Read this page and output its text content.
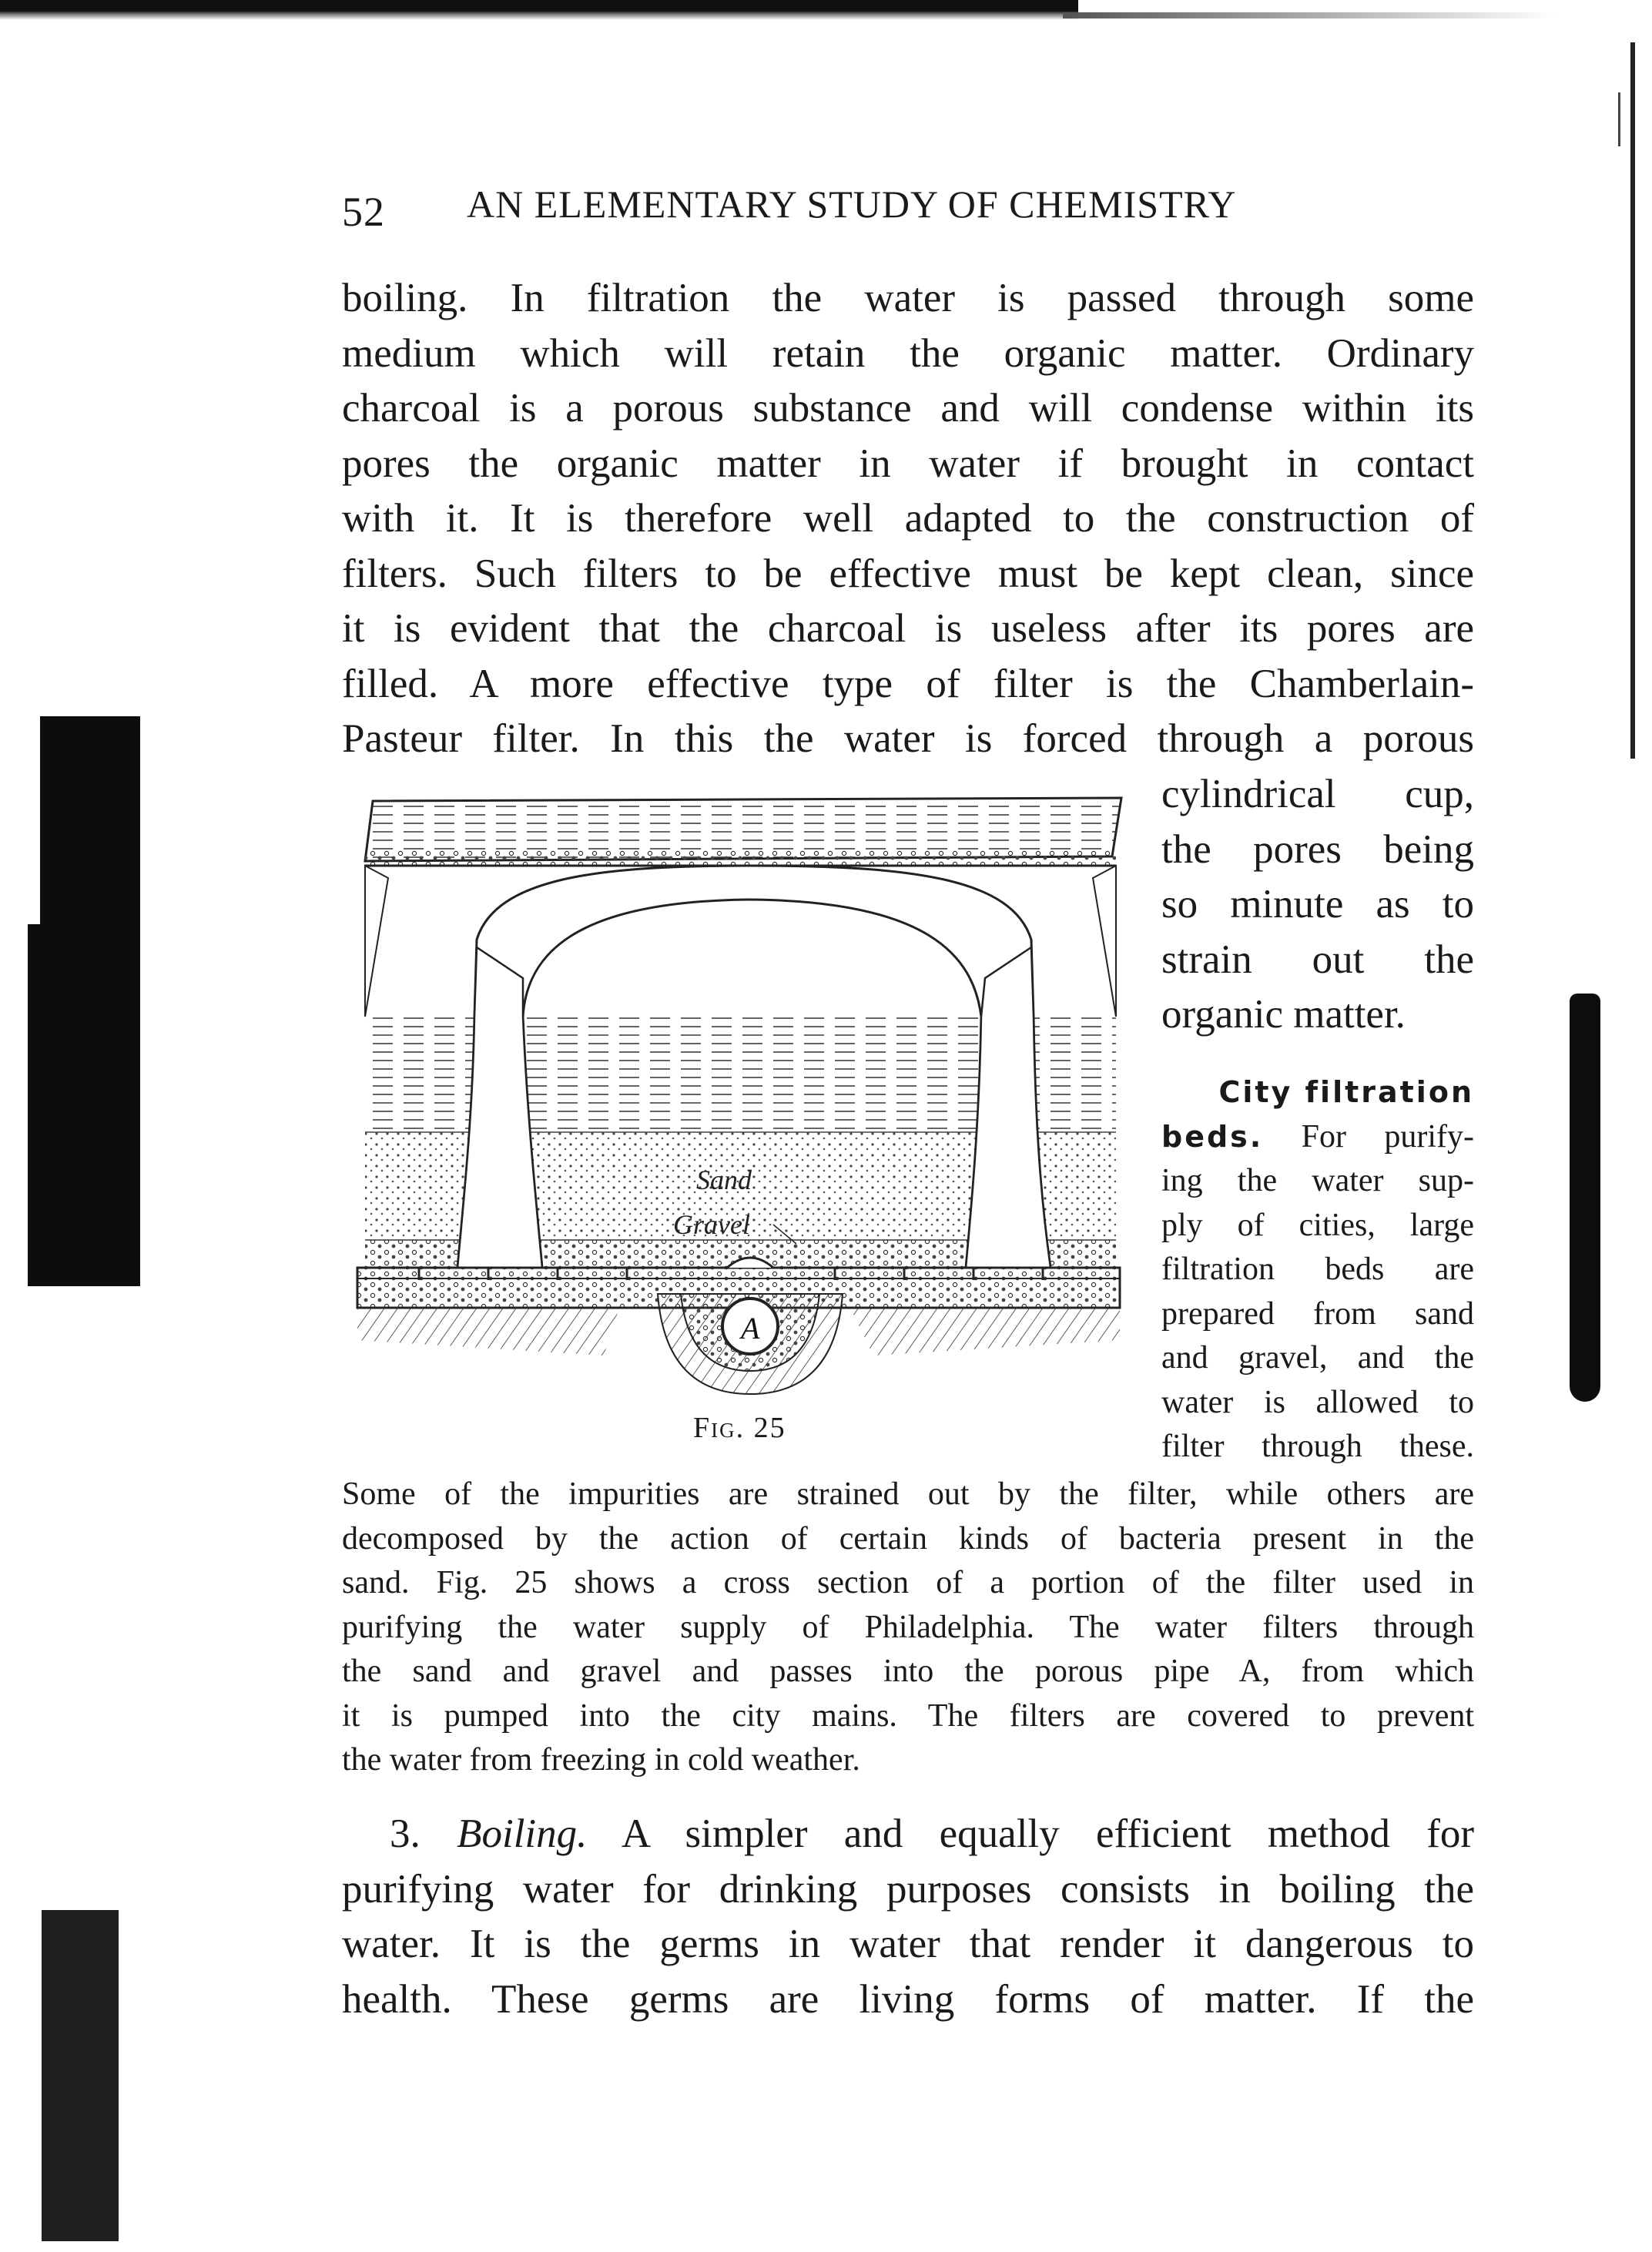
52 AN ELEMENTARY STUDY OF CHEMISTRY
boiling. In filtration the water is passed through some
medium which will retain the organic matter. Ordinary
charcoal is a porous substance and will condense within its
pores the organic matter in water if brought in contact
with it. It is therefore well adapted to the construction of
filters. Such filters to be effective must be kept clean, since
it is evident that the charcoal is useless after its pores are
filled. A more effective type of filter is the Chamberlain-
Pasteur filter. In this the water is forced through a porous
cylindrical cup,
the pores being
so minute as to
strain out the
organic matter.
City filtration
beds. For purify-
ing the water sup-
ply of cities, large
filtration beds are
prepared from sand
and gravel, and the
water is allowed to
filter through these.
A
Sand
Gravel
Fig. 25
Some of the impurities are strained out by the filter, while others are
decomposed by the action of certain kinds of bacteria present in the
sand. Fig. 25 shows a cross section of a portion of the filter used in
purifying the water supply of Philadelphia. The water filters through
the sand and gravel and passes into the porous pipe A, from which
it is pumped into the city mains. The filters are covered to prevent
the water from freezing in cold weather.
3. Boiling. A simpler and equally efficient method for
purifying water for drinking purposes consists in boiling the
water. It is the germs in water that render it dangerous to
health. These germs are living forms of matter. If the
